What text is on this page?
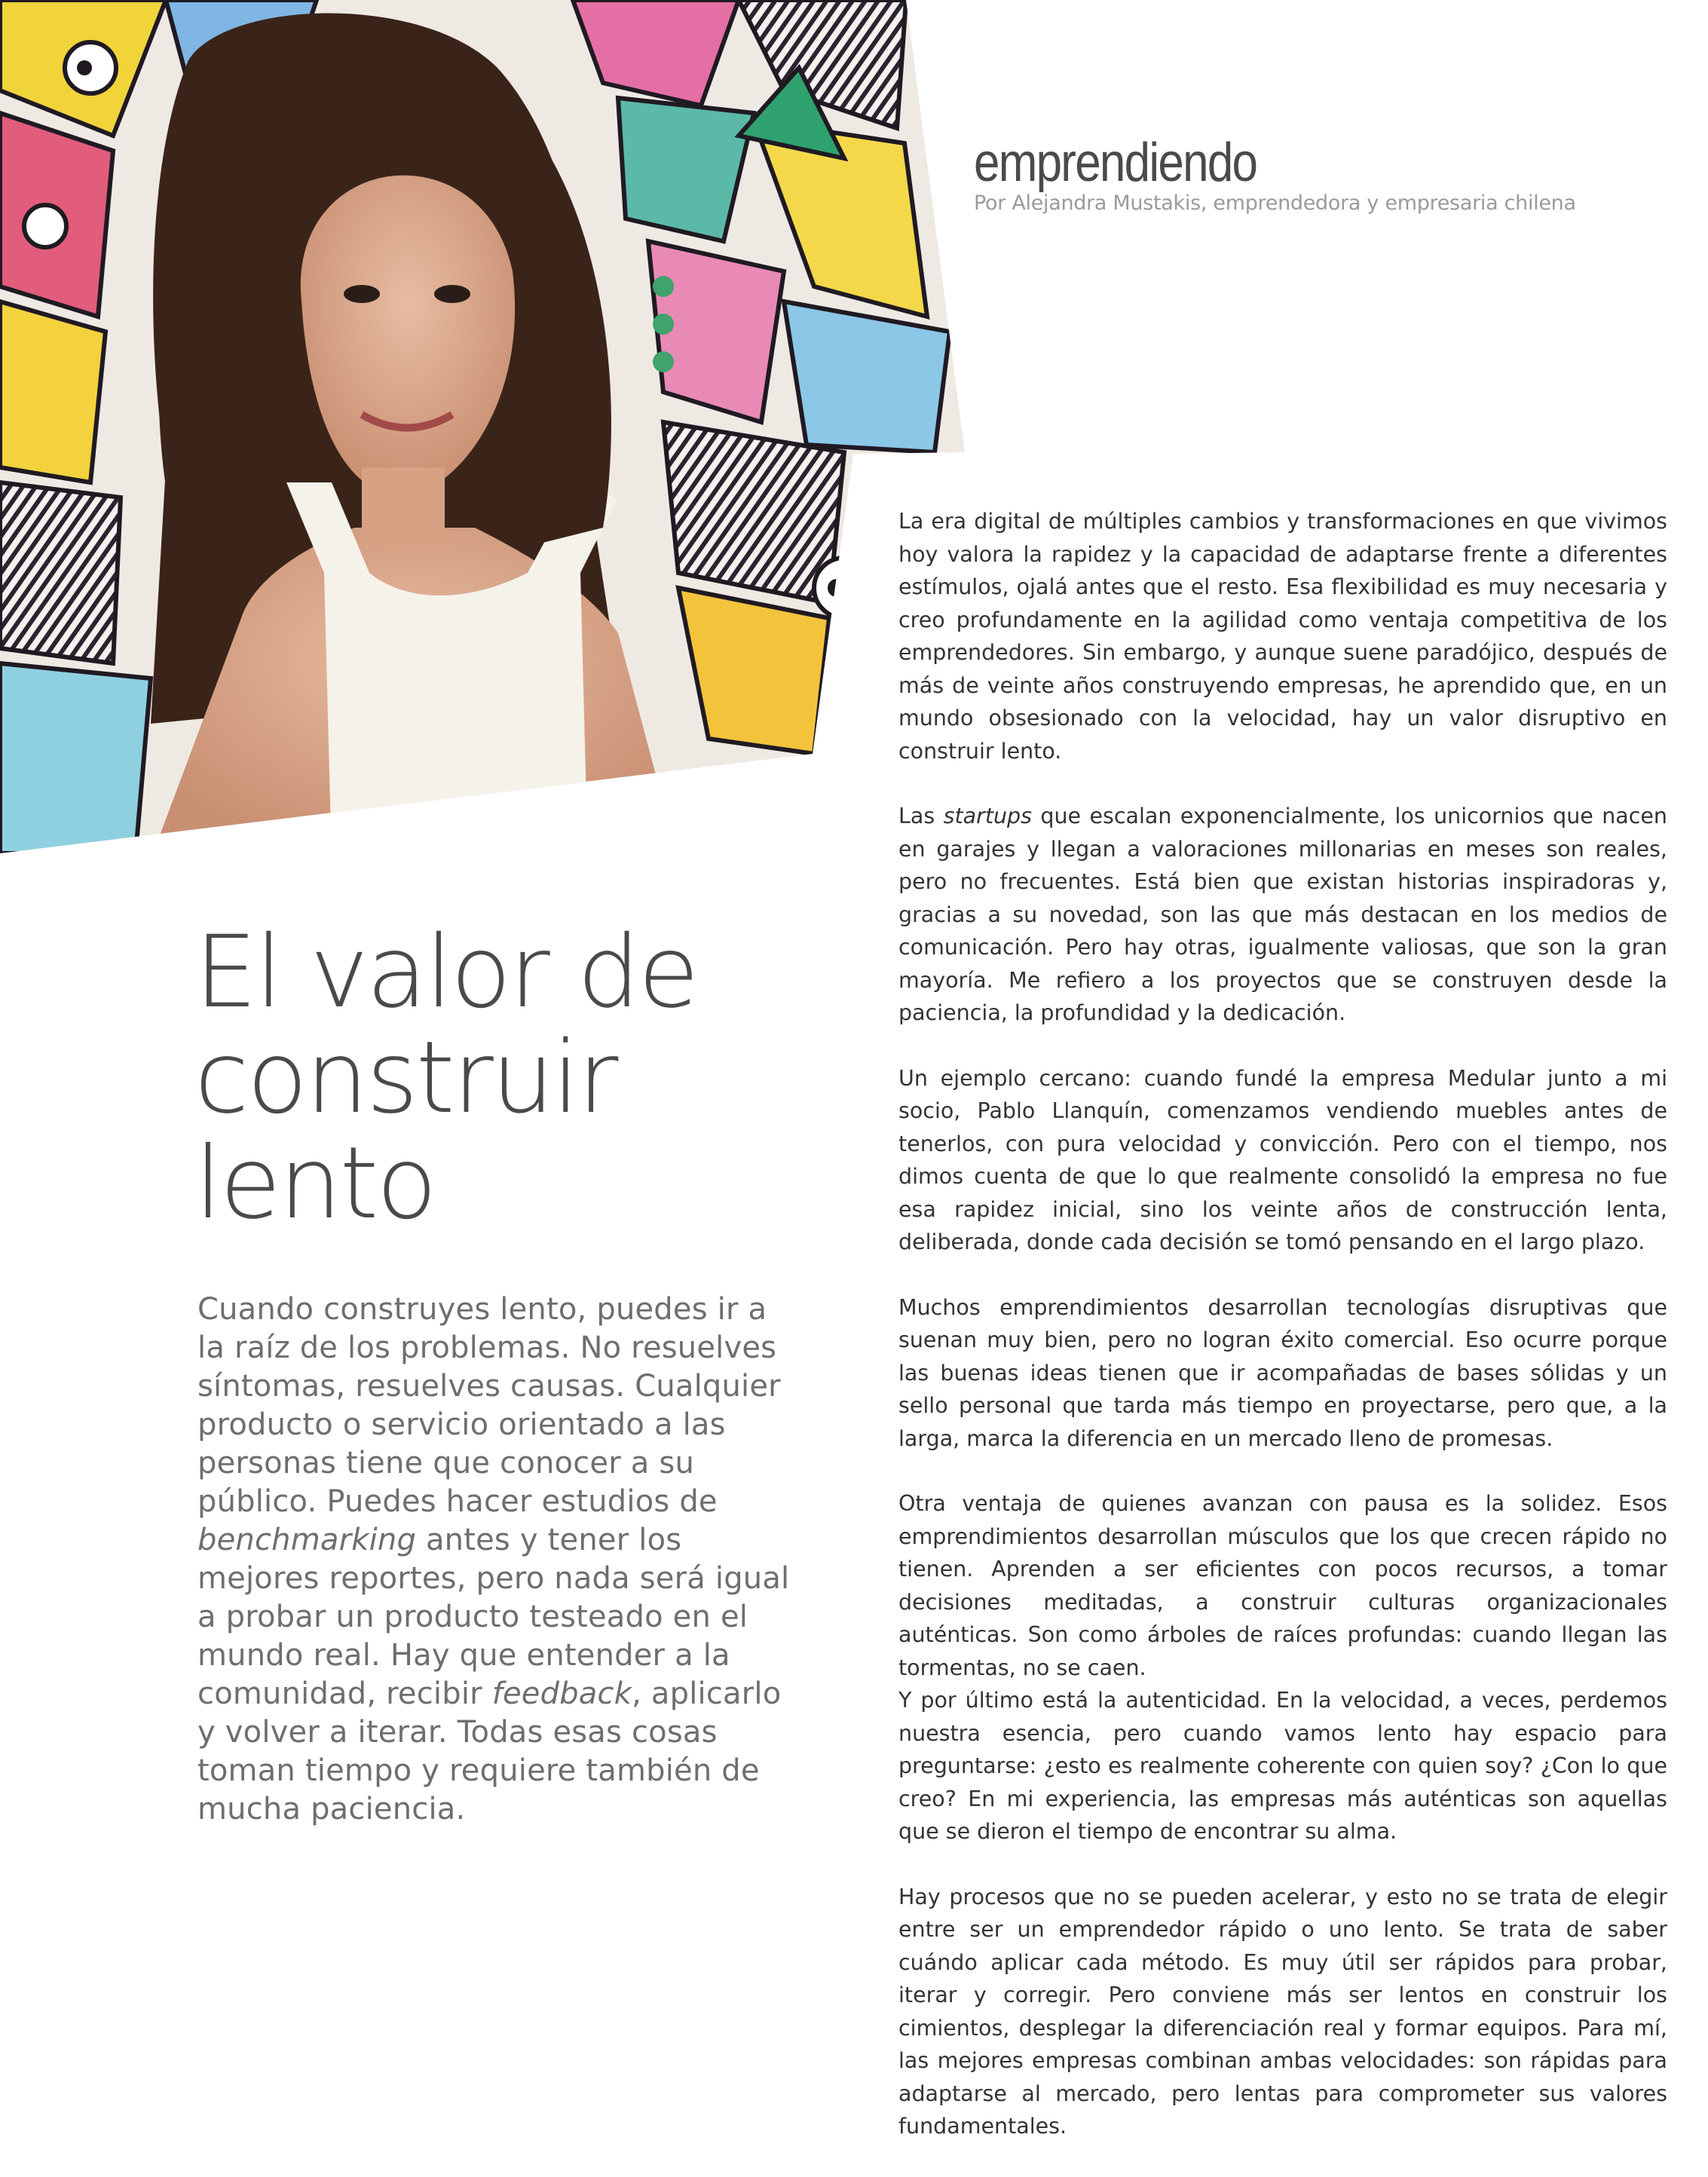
emprendiendo
Por Alejandra Mustakis, emprendedora y empresaria chilena
El valor de
construir
lento
Cuando construyes lento, puedes ir a la raíz de los problemas. No resuelves síntomas, resuelves causas. Cualquier producto o servicio orientado a las personas tiene que conocer a su público. Puedes hacer estudios de benchmarking antes y tener los mejores reportes, pero nada será igual a probar un producto testeado en el mundo real. Hay que entender a la comunidad, recibir feedback, aplicarlo y volver a iterar. Todas esas cosas toman tiempo y requiere también de mucha paciencia.

La era digital de múltiples cambios y transformaciones en que vivimos hoy valora la rapidez y la capacidad de adaptarse frente a diferentes estímulos, ojalá antes que el resto. Esa flexibilidad es muy necesaria y creo profundamente en la agilidad como ventaja competitiva de los emprendedores. Sin embargo, y aunque suene paradójico, después de más de veinte años construyendo empresas, he aprendido que, en un mundo obsesionado con la velocidad, hay un valor disruptivo en construir lento.

Las startups que escalan exponencialmente, los unicornios que nacen en garajes y llegan a valoraciones millonarias en meses son reales, pero no frecuentes. Está bien que existan historias inspiradoras y, gracias a su novedad, son las que más destacan en los medios de comunicación. Pero hay otras, igualmente valiosas, que son la gran mayoría. Me refiero a los proyectos que se construyen desde la paciencia, la profundidad y la dedicación.

Un ejemplo cercano: cuando fundé la empresa Medular junto a mi socio, Pablo Llanquín, comenzamos vendiendo muebles antes de tenerlos, con pura velocidad y convicción. Pero con el tiempo, nos dimos cuenta de que lo que realmente consolidó la empresa no fue esa rapidez inicial, sino los veinte años de construcción lenta, deliberada, donde cada decisión se tomó pensando en el largo plazo.

Muchos emprendimientos desarrollan tecnologías disruptivas que suenan muy bien, pero no logran éxito comercial. Eso ocurre porque las buenas ideas tienen que ir acompañadas de bases sólidas y un sello personal que tarda más tiempo en proyectarse, pero que, a la larga, marca la diferencia en un mercado lleno de promesas.

Otra ventaja de quienes avanzan con pausa es la solidez. Esos emprendimientos desarrollan músculos que los que crecen rápido no tienen. Aprenden a ser eficientes con pocos recursos, a tomar decisiones meditadas, a construir culturas organizacionales auténticas. Son como árboles de raíces profundas: cuando llegan las tormentas, no se caen.

Y por último está la autenticidad. En la velocidad, a veces, perdemos nuestra esencia, pero cuando vamos lento hay espacio para preguntarse: ¿esto es realmente coherente con quien soy? ¿Con lo que creo? En mi experiencia, las empresas más auténticas son aquellas que se dieron el tiempo de encontrar su alma.

Hay procesos que no se pueden acelerar, y esto no se trata de elegir entre ser un emprendedor rápido o uno lento. Se trata de saber cuándo aplicar cada método. Es muy útil ser rápidos para probar, iterar y corregir. Pero conviene más ser lentos en construir los cimientos, desplegar la diferenciación real y formar equipos. Para mí, las mejores empresas combinan ambas velocidades: son rápidas para adaptarse al mercado, pero lentas para comprometer sus valores fundamentales.
